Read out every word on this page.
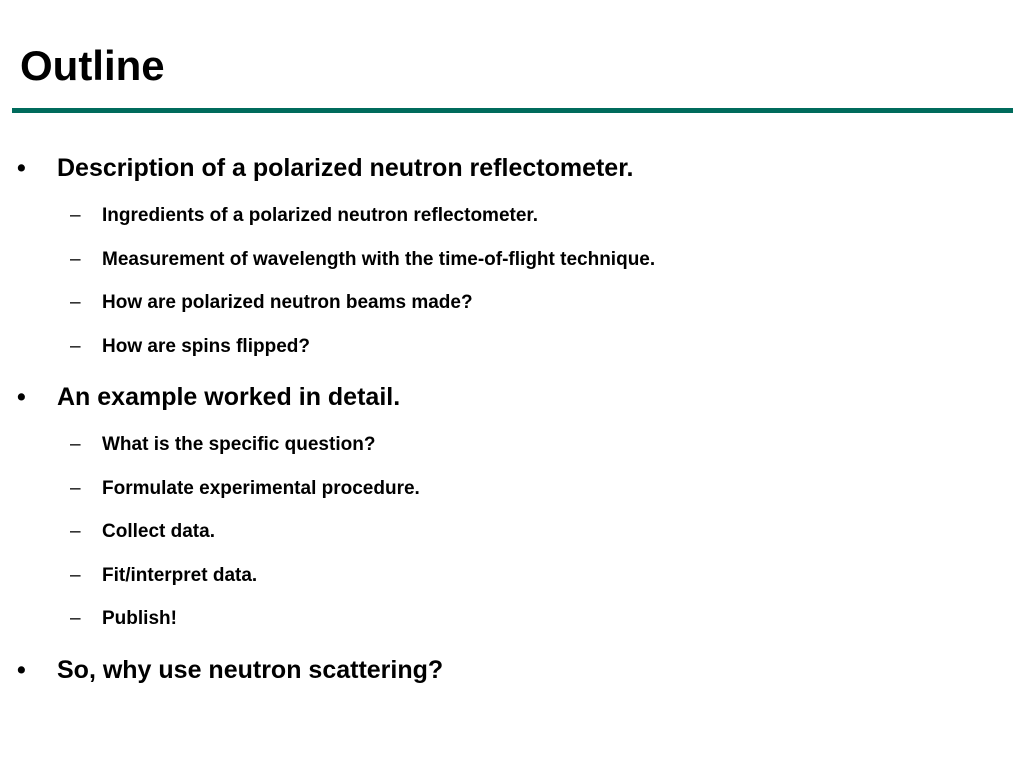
Outline
• Description of a polarized neutron reflectometer.
– Ingredients of a polarized neutron reflectometer.
– Measurement of wavelength with the time-of-flight technique.
– How are polarized neutron beams made?
– How are spins flipped?
• An example worked in detail.
– What is the specific question?
– Formulate experimental procedure.
– Collect data.
– Fit/interpret data.
– Publish!
• So, why use neutron scattering?
